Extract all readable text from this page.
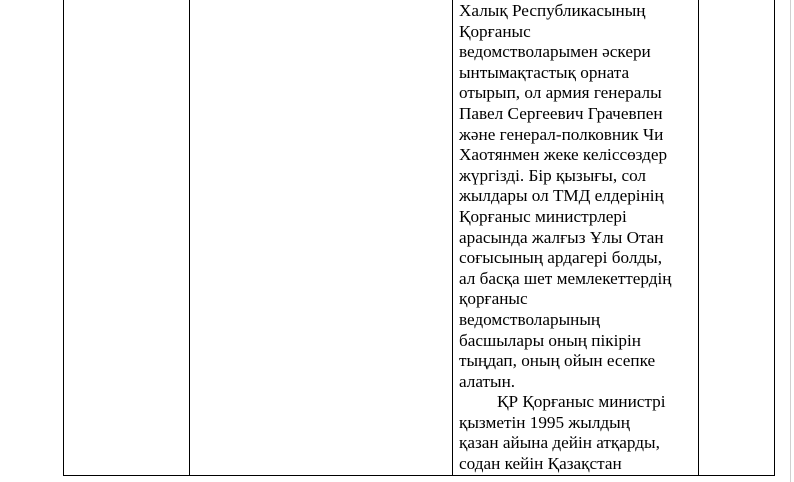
Халық Республикасының
Қорғаныс
ведомстволарымен әскери
ынтымақтастық орната
отырып, ол армия генералы
Павел Сергеевич Грачевпен
және генерал-полковник Чи
Хаотянмен жеке келіссөздер
жүргізді. Бір қызығы, сол
жылдары ол ТМД елдерінің
Қорғаныс министрлері
арасында жалғыз Ұлы Отан
соғысының ардагері болды,
ал басқа шет мемлекеттердің
қорғаныс
ведомстволарының
басшылары оның пікірін
тыңдап, оның ойын есепке
алатын.
ҚР Қорғаныс министрі
қызметін 1995 жылдың
қазан айына дейін атқарды,
содан кейін Қазақстан
